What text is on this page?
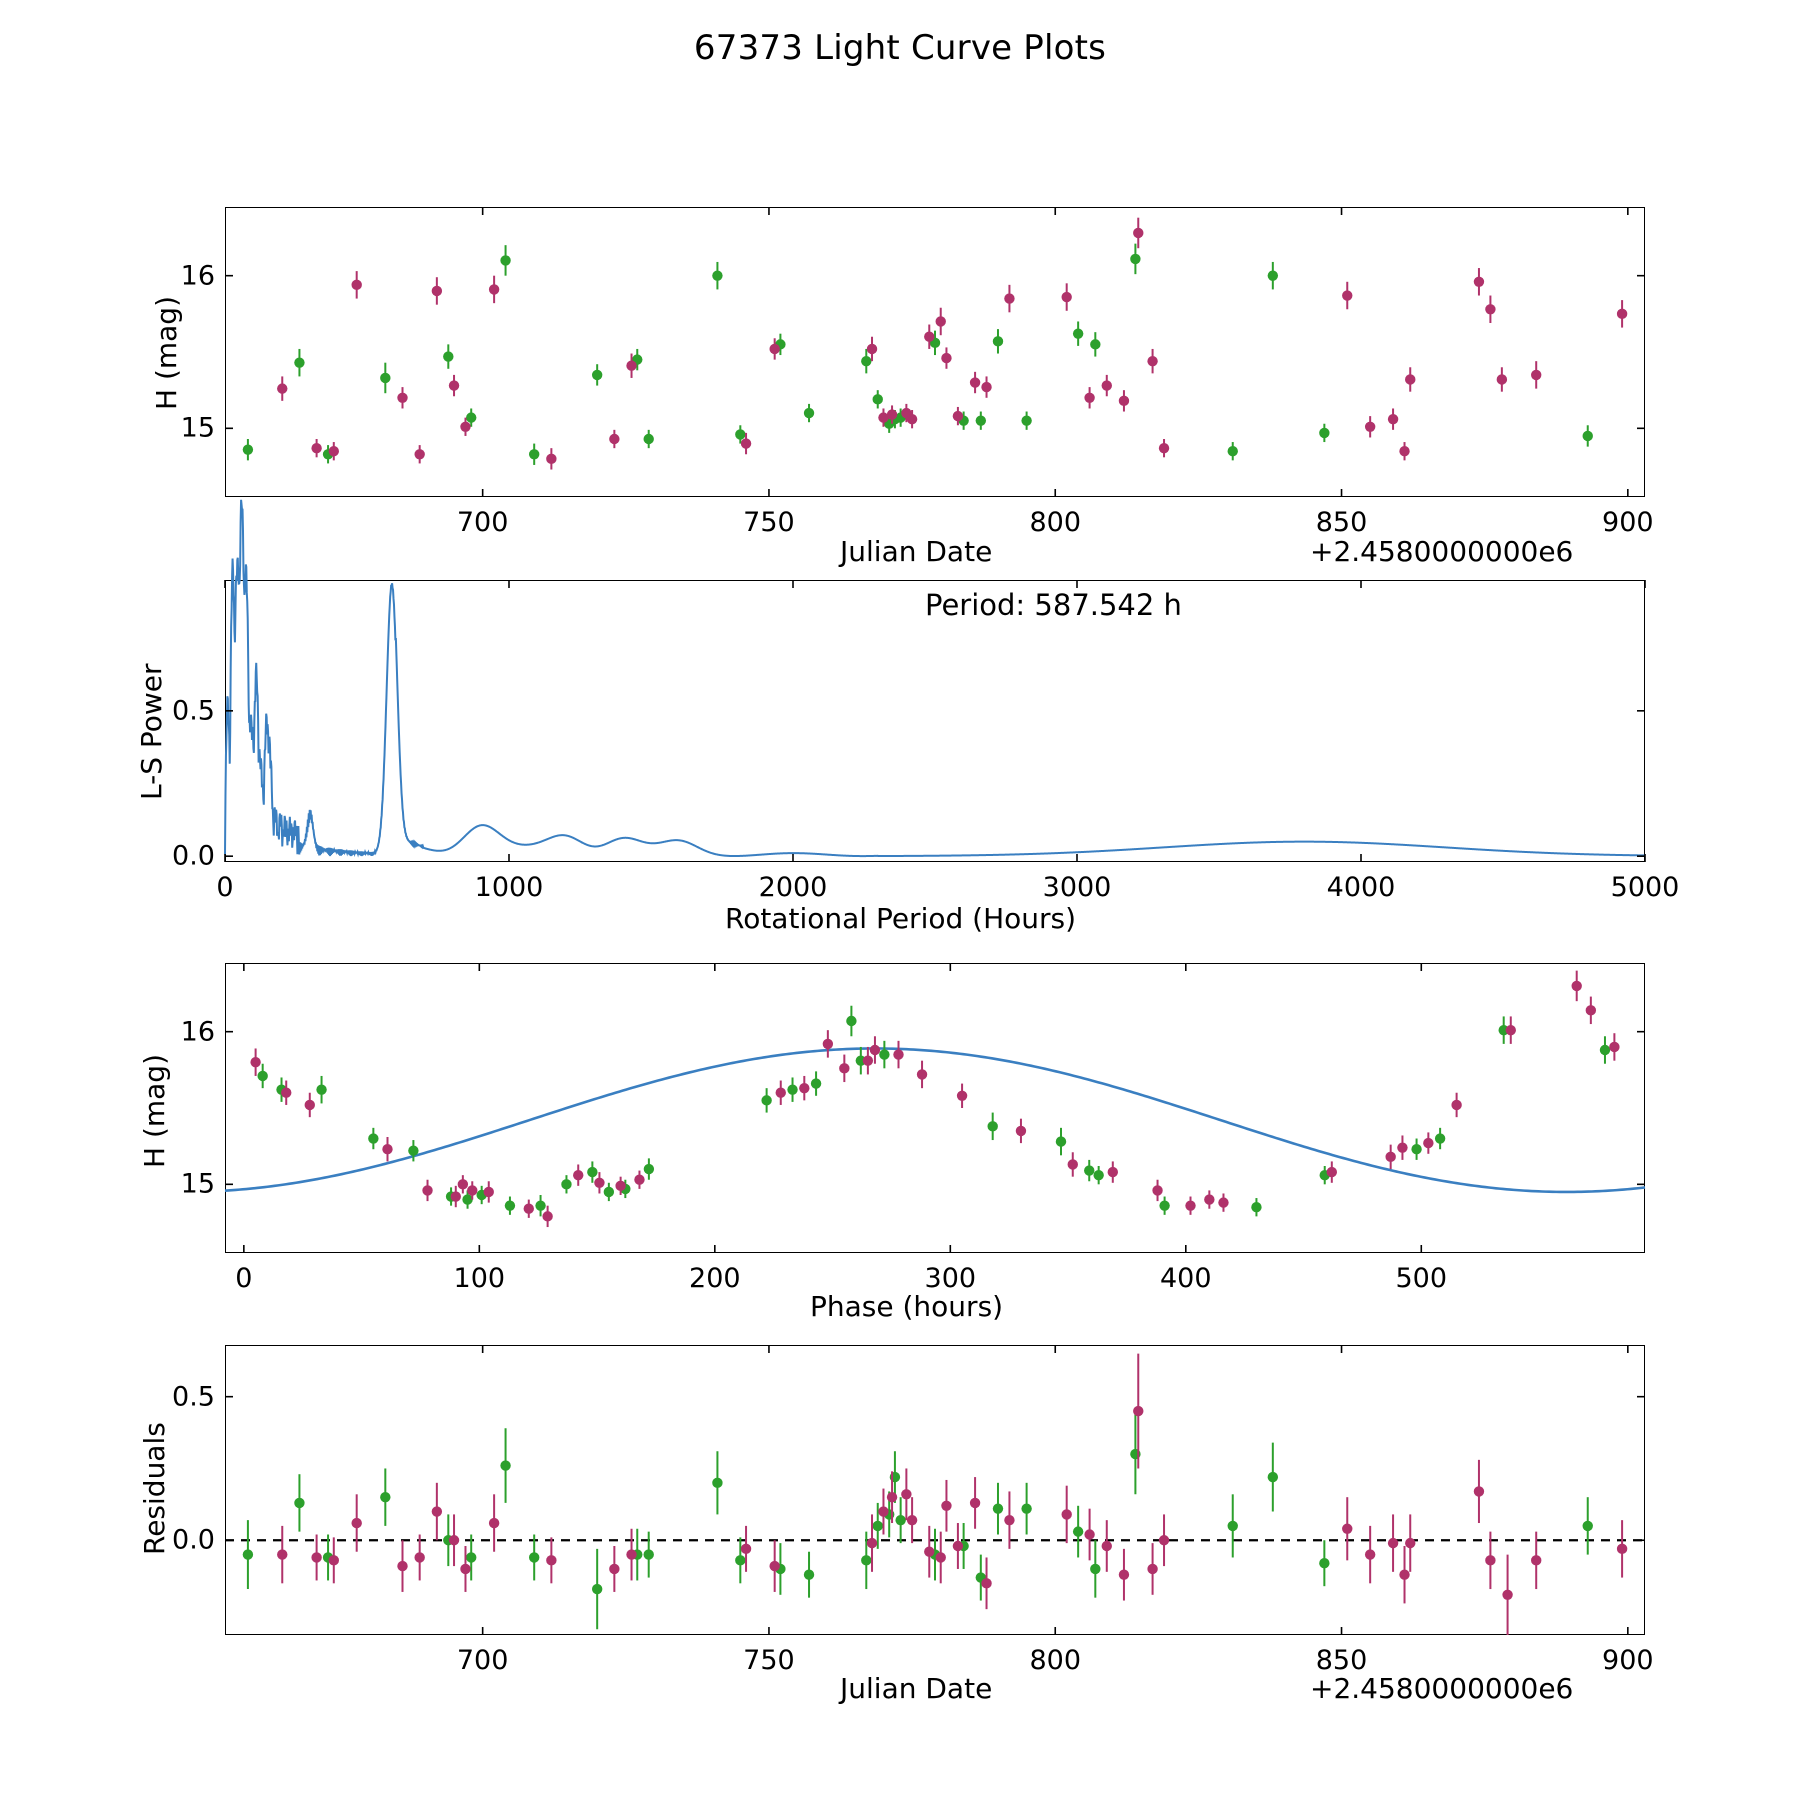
67373 Light Curve Plots
H (mag)
Julian Date	+2.4580000000e6
700	750	800	850	900
15
16
L-S Power
Rotational Period (Hours)
Period: 587.542 h
0	1000	2000	3000	4000	5000
0.0
0.5
H (mag)
Phase (hours)
0	100	200	300	400	500
15
16
Residuals
Julian Date	+2.4580000000e6
700	750	800	850	900
0.0
0.5
